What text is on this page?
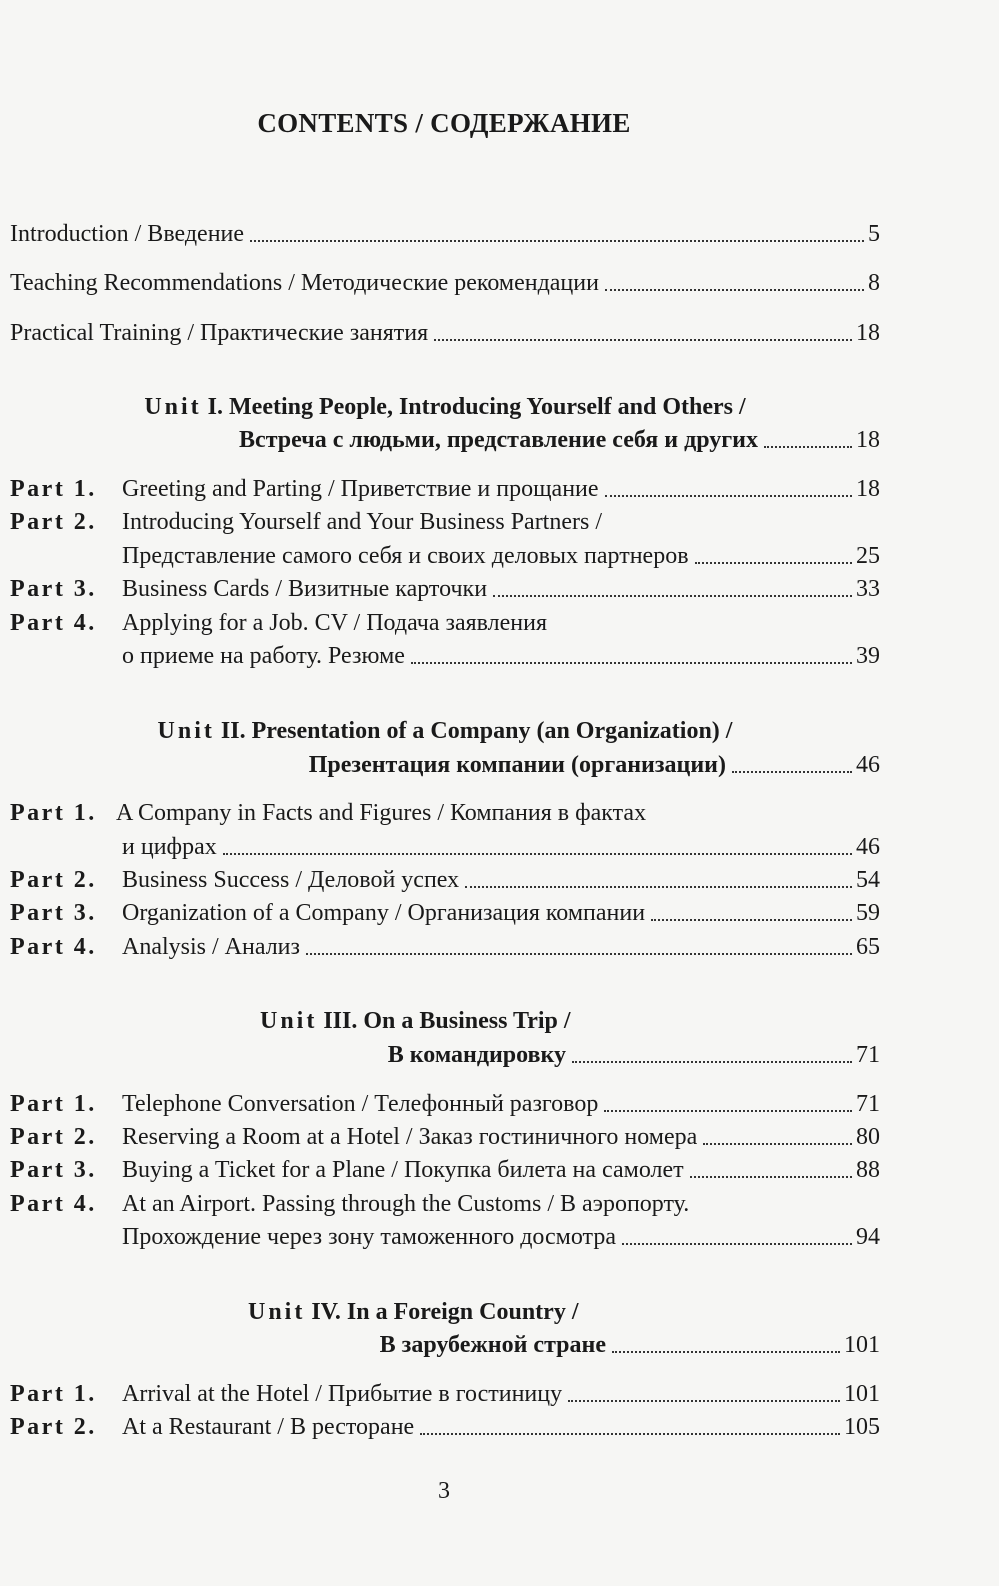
CONTENTS / СОДЕРЖАНИЕ
Introduction / Введение	5
Teaching Recommendations / Методические рекомендации	8
Practical Training / Практические занятия	18
Unit I. Meeting People, Introducing Yourself and Others /
Встреча с людьми, представление себя и других	18
Part 1.	Greeting and Parting / Приветствие и прощание	18
Part 2.	Introducing Yourself and Your Business Partners /
Представление самого себя и своих деловых партнеров	25
Part 3.	Business Cards / Визитные карточки	33
Part 4.	Applying for a Job. CV / Подача заявления
о приеме на работу. Резюме	39
Unit II. Presentation of a Company (an Organization) /
Презентация компании (организации)	46
Part 1. A Company in Facts and Figures / Компания в фактах
и цифрах	46
Part 2.	Business Success / Деловой успех	54
Part 3.	Organization of a Company / Организация компании	59
Part 4.	Analysis / Анализ	65
Unit III. On a Business Trip /
В командировку	71
Part 1.	Telephone Conversation / Телефонный разговор	71
Part 2.	Reserving a Room at a Hotel / Заказ гостиничного номера	80
Part 3.	Buying a Ticket for a Plane / Покупка билета на самолет	88
Part 4.	At an Airport. Passing through the Customs / В аэропорту.
Прохождение через зону таможенного досмотра	94
Unit IV. In a Foreign Country /
В зарубежной стране	101
Part 1.	Arrival at the Hotel / Прибытие в гостиницу	101
Part 2.	At a Restaurant / В ресторане	105
3
